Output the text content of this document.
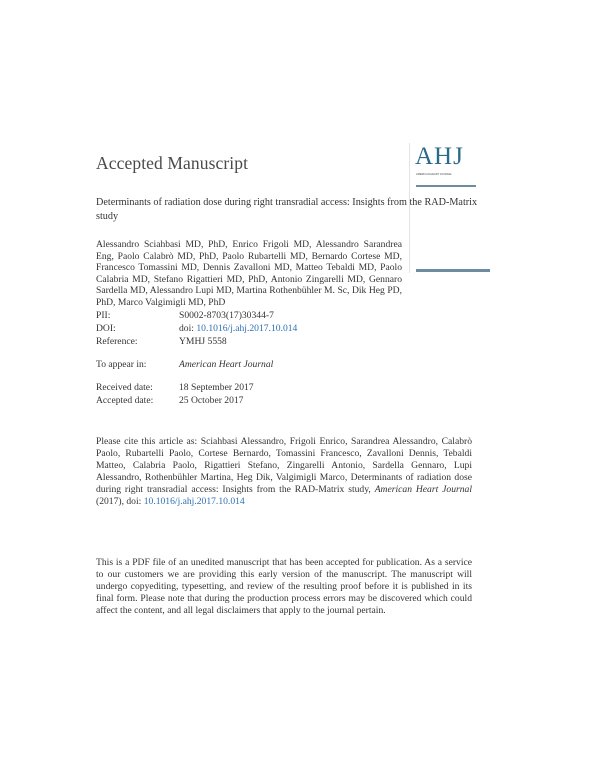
Accepted Manuscript	AHJ
AMERICAN HEART JOURNAL
Determinants of radiation dose during right transradial access: Insights from the RAD-Matrix study
Alessandro Sciahbasi MD, PhD, Enrico Frigoli MD, Alessandro Sarandrea Eng, Paolo Calabrò MD, PhD, Paolo Rubartelli MD, Bernardo Cortese MD, Francesco Tomassini MD, Dennis Zavalloni MD, Matteo Tebaldi MD, Paolo Calabria MD, Stefano Rigattieri MD, PhD, Antonio Zingarelli MD, Gennaro Sardella MD, Alessandro Lupi MD, Martina Rothenbühler M. Sc, Dik Heg PD, PhD, Marco Valgimigli MD, PhD
PII:	S0002-8703(17)30344-7
DOI:	doi: 10.1016/j.ahj.2017.10.014
Reference:	YMHJ 5558
To appear in:	American Heart Journal
Received date:	18 September 2017
Accepted date:	25 October 2017
Please cite this article as: Sciahbasi Alessandro, Frigoli Enrico, Sarandrea Alessandro, Calabrò Paolo, Rubartelli Paolo, Cortese Bernardo, Tomassini Francesco, Zavalloni Dennis, Tebaldi Matteo, Calabria Paolo, Rigattieri Stefano, Zingarelli Antonio, Sardella Gennaro, Lupi Alessandro, Rothenbühler Martina, Heg Dik, Valgimigli Marco, Determinants of radiation dose during right transradial access: Insights from the RAD-Matrix study, American Heart Journal (2017), doi: 10.1016/j.ahj.2017.10.014
This is a PDF file of an unedited manuscript that has been accepted for publication. As a service to our customers we are providing this early version of the manuscript. The manuscript will undergo copyediting, typesetting, and review of the resulting proof before it is published in its final form. Please note that during the production process errors may be discovered which could affect the content, and all legal disclaimers that apply to the journal pertain.
